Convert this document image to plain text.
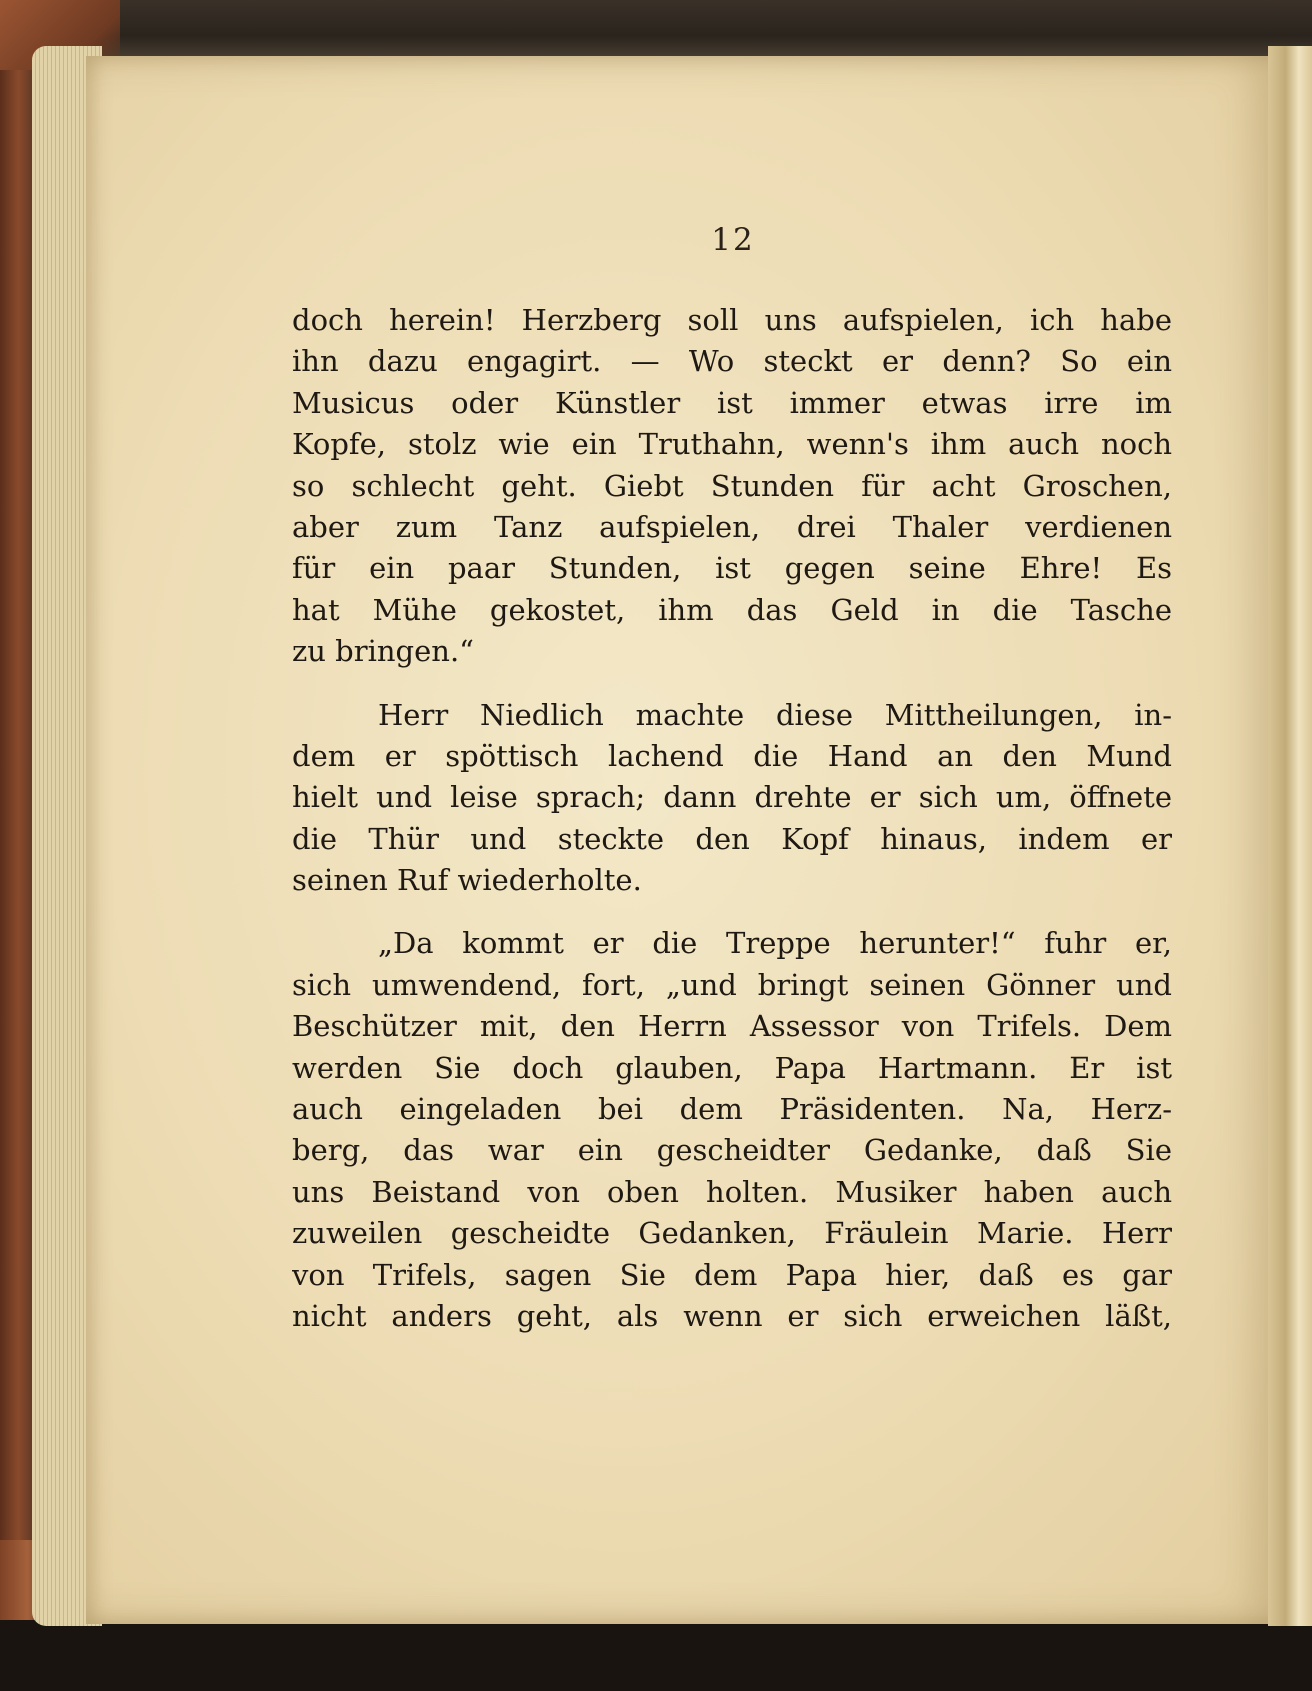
12
doch herein! Herzberg soll uns aufspielen, ich habe
ihn dazu engagirt. — Wo steckt er denn? So ein
Musicus oder Künstler ist immer etwas irre im
Kopfe, stolz wie ein Truthahn, wenn's ihm auch noch
so schlecht geht. Giebt Stunden für acht Groschen,
aber zum Tanz aufspielen, drei Thaler verdienen
für ein paar Stunden, ist gegen seine Ehre! Es
hat Mühe gekostet, ihm das Geld in die Tasche
zu bringen.“
Herr Niedlich machte diese Mittheilungen, in-
dem er spöttisch lachend die Hand an den Mund
hielt und leise sprach; dann drehte er sich um, öffnete
die Thür und steckte den Kopf hinaus, indem er
seinen Ruf wiederholte.
„Da kommt er die Treppe herunter!“ fuhr er,
sich umwendend, fort, „und bringt seinen Gönner und
Beschützer mit, den Herrn Assessor von Trifels. Dem
werden Sie doch glauben, Papa Hartmann. Er ist
auch eingeladen bei dem Präsidenten. Na, Herz-
berg, das war ein gescheidter Gedanke, daß Sie
uns Beistand von oben holten. Musiker haben auch
zuweilen gescheidte Gedanken, Fräulein Marie. Herr
von Trifels, sagen Sie dem Papa hier, daß es gar
nicht anders geht, als wenn er sich erweichen läßt,
